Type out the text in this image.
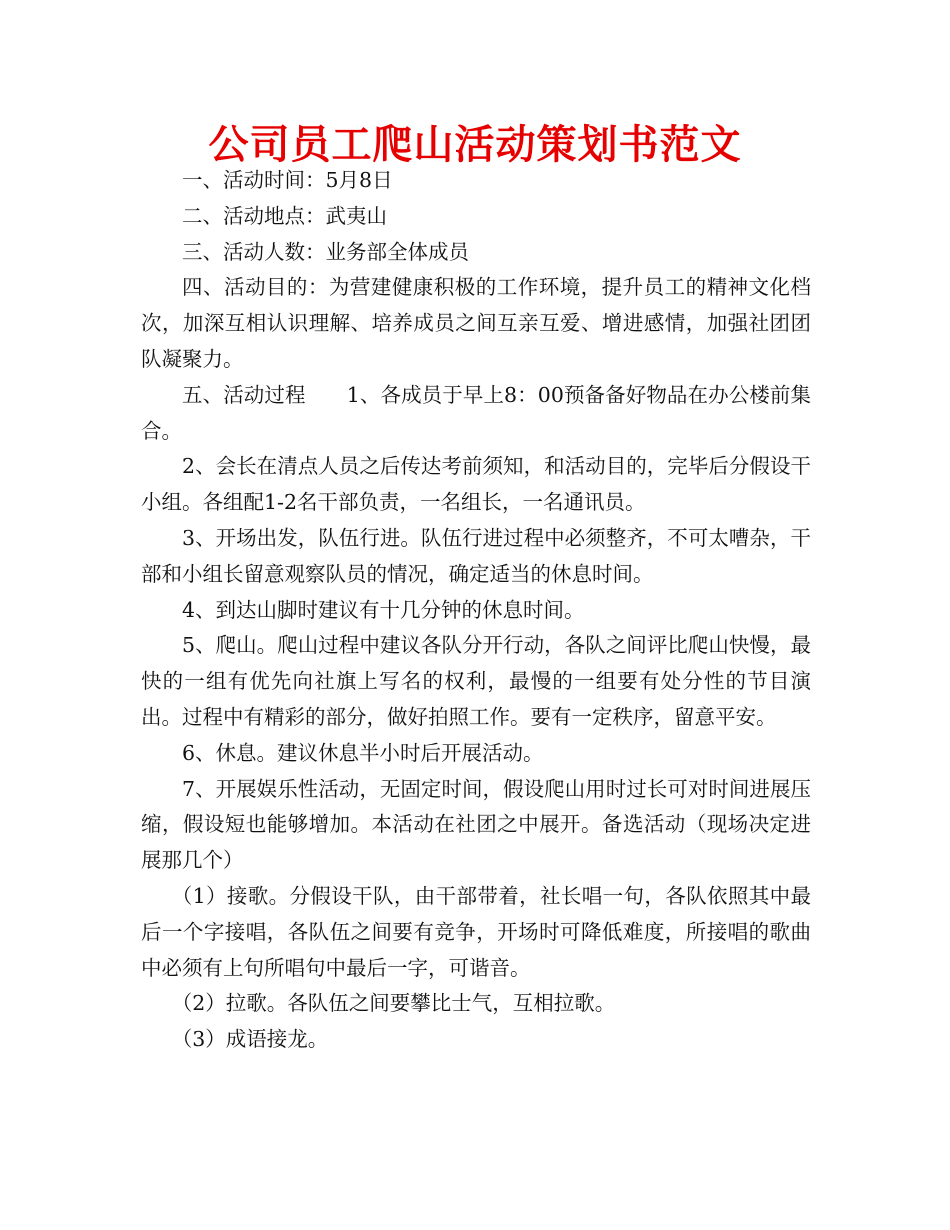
公司员工爬山活动策划书范文

一、活动时间：5月8日

二、活动地点：武夷山

三、活动人数：业务部全体成员

四、活动目的：为营建健康积极的工作环境，提升员工的精神文化档次，加深互相认识理解、培养成员之间互亲互爱、增进感情，加强社团团队凝聚力。

五、活动过程　　1、各成员于早上8：00预备备好物品在办公楼前集合。

2、会长在清点人员之后传达考前须知，和活动目的，完毕后分假设干小组。各组配1-2名干部负责，一名组长，一名通讯员。

3、开场出发，队伍行进。队伍行进过程中必须整齐，不可太嘈杂，干部和小组长留意观察队员的情况，确定适当的休息时间。

4、到达山脚时建议有十几分钟的休息时间。

5、爬山。爬山过程中建议各队分开行动，各队之间评比爬山快慢，最快的一组有优先向社旗上写名的权利，最慢的一组要有处分性的节目演出。过程中有精彩的部分，做好拍照工作。要有一定秩序，留意平安。

6、休息。建议休息半小时后开展活动。

7、开展娱乐性活动，无固定时间，假设爬山用时过长可对时间进展压缩，假设短也能够增加。本活动在社团之中展开。备选活动（现场决定进展那几个）

（1）接歌。分假设干队，由干部带着，社长唱一句，各队依照其中最后一个字接唱，各队伍之间要有竞争，开场时可降低难度，所接唱的歌曲中必须有上句所唱句中最后一字，可谐音。

（2）拉歌。各队伍之间要攀比士气，互相拉歌。

（3）成语接龙。
